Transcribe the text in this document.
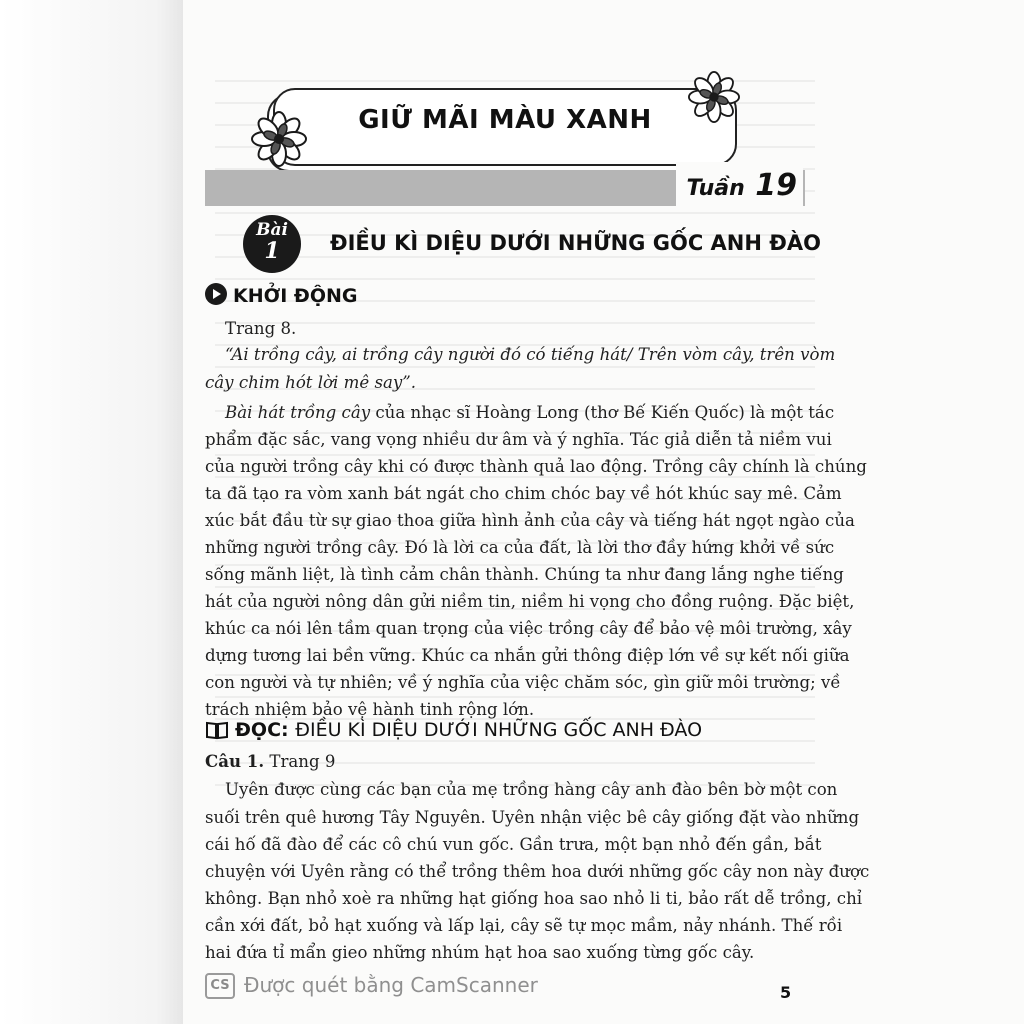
GIỮ MÃI MÀU XANH
Tuần 19
Bài
1	ĐIỀU KÌ DIỆU DƯỚI NHỮNG GỐC ANH ĐÀO
KHỞI ĐỘNG
Trang 8.
“Ai trồng cây, ai trồng cây người đó có tiếng hát/ Trên vòm cây, trên vòm
cây chim hót lời mê say”.
Bài hát trồng cây của nhạc sĩ Hoàng Long (thơ Bế Kiến Quốc) là một tác
phẩm đặc sắc, vang vọng nhiều dư âm và ý nghĩa. Tác giả diễn tả niềm vui
của người trồng cây khi có được thành quả lao động. Trồng cây chính là chúng
ta đã tạo ra vòm xanh bát ngát cho chim chóc bay về hót khúc say mê. Cảm
xúc bắt đầu từ sự giao thoa giữa hình ảnh của cây và tiếng hát ngọt ngào của
những người trồng cây. Đó là lời ca của đất, là lời thơ đầy hứng khởi về sức
sống mãnh liệt, là tình cảm chân thành. Chúng ta như đang lắng nghe tiếng
hát của người nông dân gửi niềm tin, niềm hi vọng cho đồng ruộng. Đặc biệt,
khúc ca nói lên tầm quan trọng của việc trồng cây để bảo vệ môi trường, xây
dựng tương lai bền vững. Khúc ca nhắn gửi thông điệp lớn về sự kết nối giữa
con người và tự nhiên; về ý nghĩa của việc chăm sóc, gìn giữ môi trường; về
trách nhiệm bảo vệ hành tinh rộng lớn.
ĐỌC: ĐIỀU KÌ DIỆU DƯỚI NHỮNG GỐC ANH ĐÀO
Câu 1. Trang 9
Uyên được cùng các bạn của mẹ trồng hàng cây anh đào bên bờ một con
suối trên quê hương Tây Nguyên. Uyên nhận việc bê cây giống đặt vào những
cái hố đã đào để các cô chú vun gốc. Gần trưa, một bạn nhỏ đến gần, bắt
chuyện với Uyên rằng có thể trồng thêm hoa dưới những gốc cây non này được
không. Bạn nhỏ xoè ra những hạt giống hoa sao nhỏ li ti, bảo rất dễ trồng, chỉ
cần xới đất, bỏ hạt xuống và lấp lại, cây sẽ tự mọc mầm, nảy nhánh. Thế rồi
hai đứa tỉ mẩn gieo những nhúm hạt hoa sao xuống từng gốc cây.
CS Được quét bằng CamScanner	5
